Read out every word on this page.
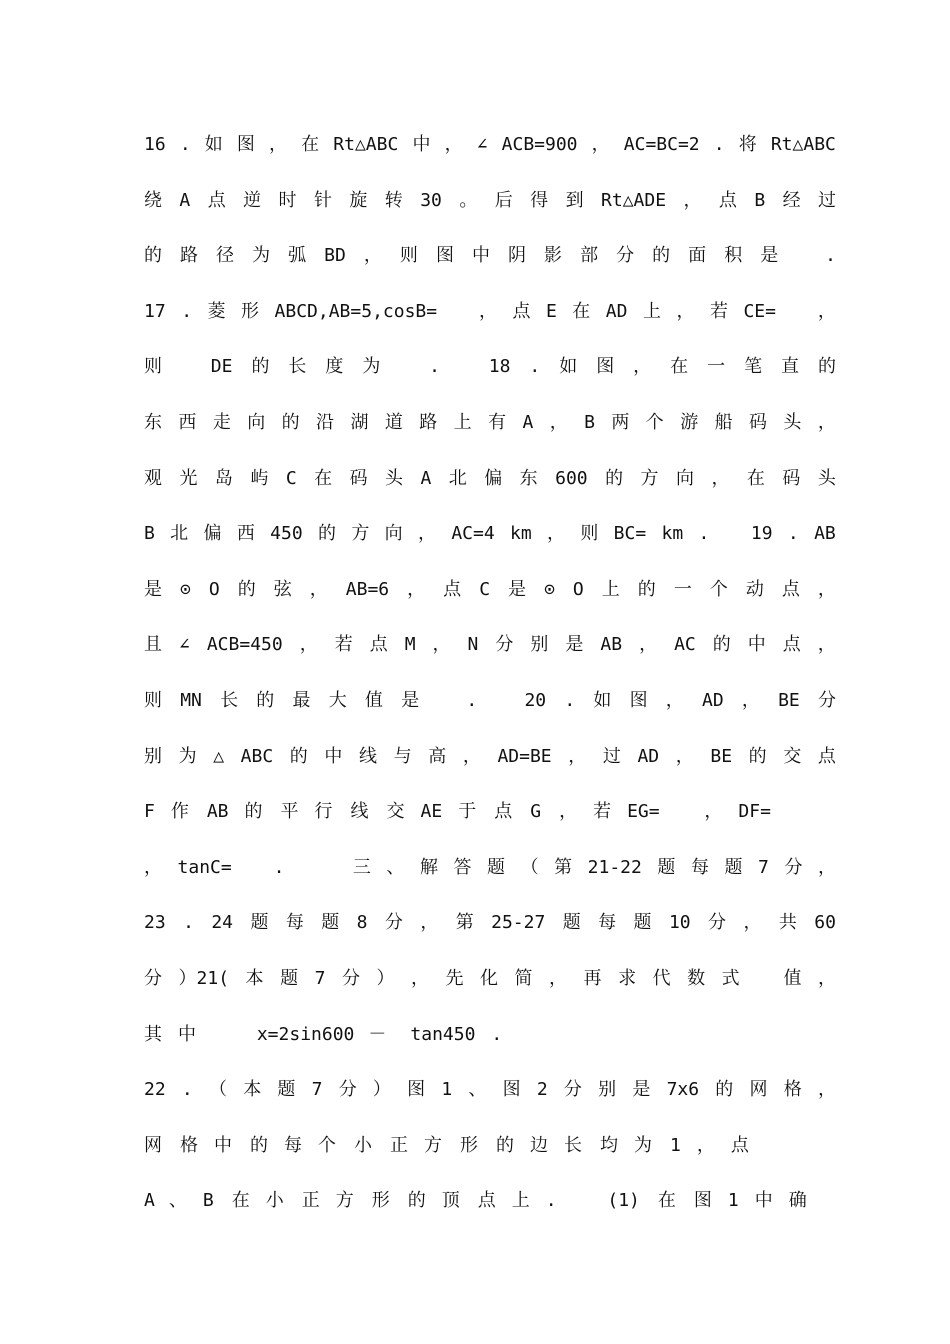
16 . 如 图 ， 在 Rt△ABC 中 ， ∠ ACB=900 ， AC=BC=2 . 将 Rt△ABC
绕 A 点 逆 时 针 旋 转 30 。 后 得 到 Rt△ADE ， 点 B 经 过
的 路 径 为 弧 BD ， 则 图 中 阴 影 部 分 的 面 积 是
	.
17 . 菱 形 ABCD,AB=5,cosB=
， 点 E 在 AD 上 ， 若 CE=
，
则
	DE 的 长 度 为
	.
	18 . 如 图 ， 在 一 笔 直 的
东 西 走 向 的 沿 湖 道 路 上 有 A ， B 两 个 游 船 码 头 ，
观 光 岛 屿 C 在 码 头 A 北 偏 东 600 的 方 向 ， 在 码 头
B 北 偏 西 450 的 方 向 ， AC=4 km ， 则 BC= km .
19 . AB
是 ⊙ O 的 弦 ， AB=6 ， 点 C 是 ⊙ O 上 的 一 个 动 点 ，
且 ∠ ACB=450 ， 若 点 M ， N 分 别 是 AB ， AC 的 中 点 ，
则 MN 长 的 最 大 值 是
	.
	20 . 如 图 ， AD ， BE 分
别 为 △ ABC 的 中 线 与 高 ， AD=BE ， 过 AD ， BE 的 交 点
F 作 AB 的 平 行 线 交 AE 于 点 G ， 若 EG=
， DF=
， tanC=
.

	三 、 解 答 题 （ 第 21-22 题 每 题 7 分 ，
23 . 24 题 每 题 8 分 ， 第 25-27 题 每 题 10 分 ， 共 60
分 ）21( 本 题 7 分 ） ， 先 化 简 ， 再 求 代 数 式
值 ，
其 中
	x=2sin600 － tan450 .
22 . （ 本 题 7 分 ） 图 1 、 图 2 分 别 是 7x6 的 网 格 ，
网 格 中 的 每 个 小 正 方 形 的 边 长 均 为 1 ， 点
A 、 B 在 小 正 方 形 的 顶 点 上 .
	(1) 在 图 1 中 确
